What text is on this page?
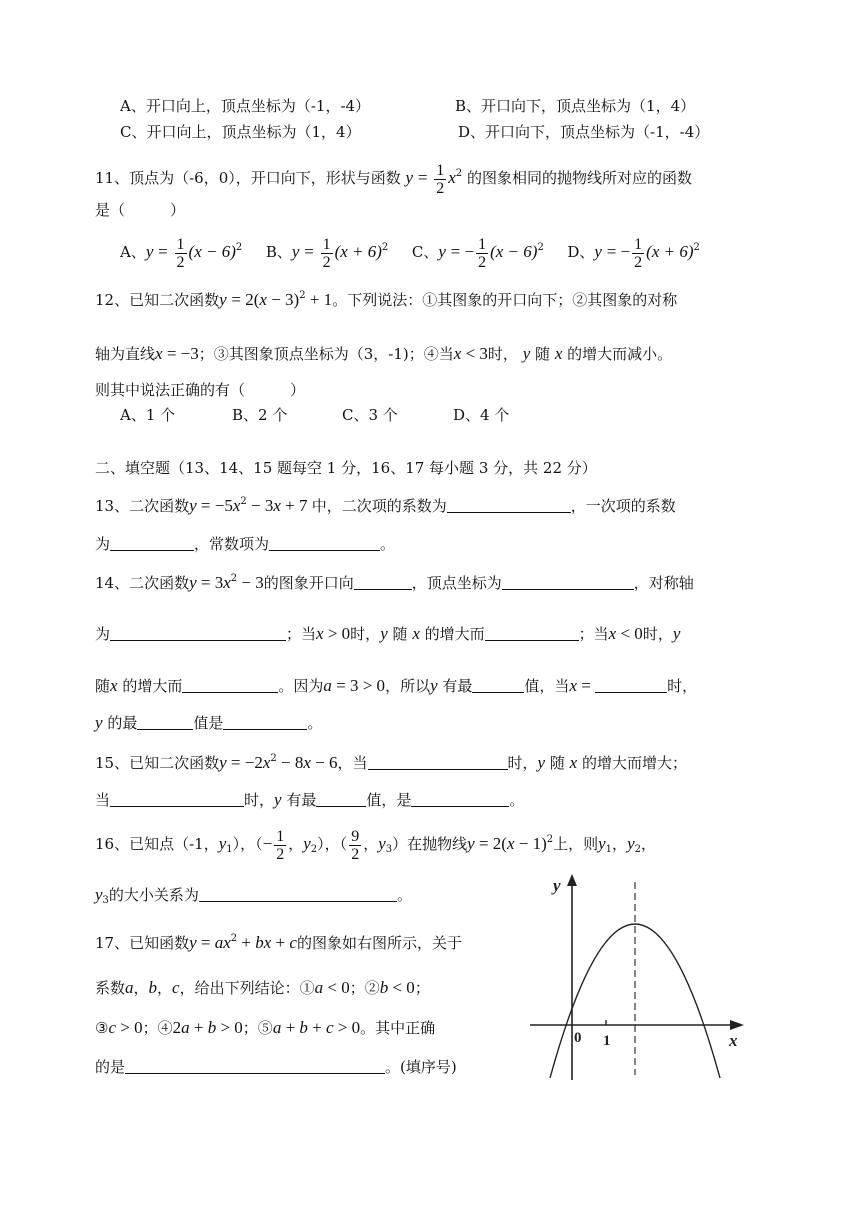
A、开口向上，顶点坐标为（-1，-4）	B、开口向下，顶点坐标为（1，4）
C、开口向上，顶点坐标为（1，4）	D、开口向下，顶点坐标为（-1，-4）
11、顶点为（-6，0），开口向下，形状与函数 $y = \frac{1}{2} x^2$ 的图象相同的抛物线所对应的函数
是（　　　）
A、$y = \frac{1}{2} (x - 6)^2$ B、$y = \frac{1}{2} (x + 6)^2$ C、y = − $\frac{1}{2} (x - 6)^2$ D、y = − $\frac{1}{2} (x + 6)^2$
12、已知二次函数$y = 2(x - 3)^2 + 1$。下列说法：①其图象的开口向下；②其图象的对称
轴为直线x = −3；③其图象顶点坐标为（3，-1)；④当x < 3时， y 随 x 的增大而减小。
则其中说法正确的有（　　　）
A、1 个	B、2 个	C、3 个	D、4 个
二、填空题（13、14、15 题每空 1 分，16、17 每小题 3 分，共 22 分）
13、二次函数$y = -5x^2 - 3x + 7$ 中，二次项的系数为	，一次项的系数
为	，常数项为	。
14、二次函数$y = 3x^2 - 3$的图象开口向	，顶点坐标为	，对称轴
为	；当x > 0时，y 随 x 的增大而	；当x < 0时，y
随x 的增大而	。因为a = 3 > 0，所以y 有最	值，当x =	时，
y 的最	值是	。
15、已知二次函数$y = -2x^2 - 8x - 6$，当	时，y 随 x 的增大而增大；
当	时，y 有最	值，是	。
16、已知点（-1，$y_1$），（− $\frac{1}{2}$ ，$y_2$），（ $\frac{9}{2}$ ，$y_3$）在抛物线$y = 2(x - 1)^2$上，则$y_1$，$y_2$，
$y_3$的大小关系为	。
17、已知函数$y = ax^2$ + bx + c的图象如右图所示，关于
系数a，b，c，给出下列结论：①a < 0；②b < 0；
③c > 0；④2a + b > 0；⑤a + b + c > 0。其中正确
的是	。(填序号)
y
x
0 1
